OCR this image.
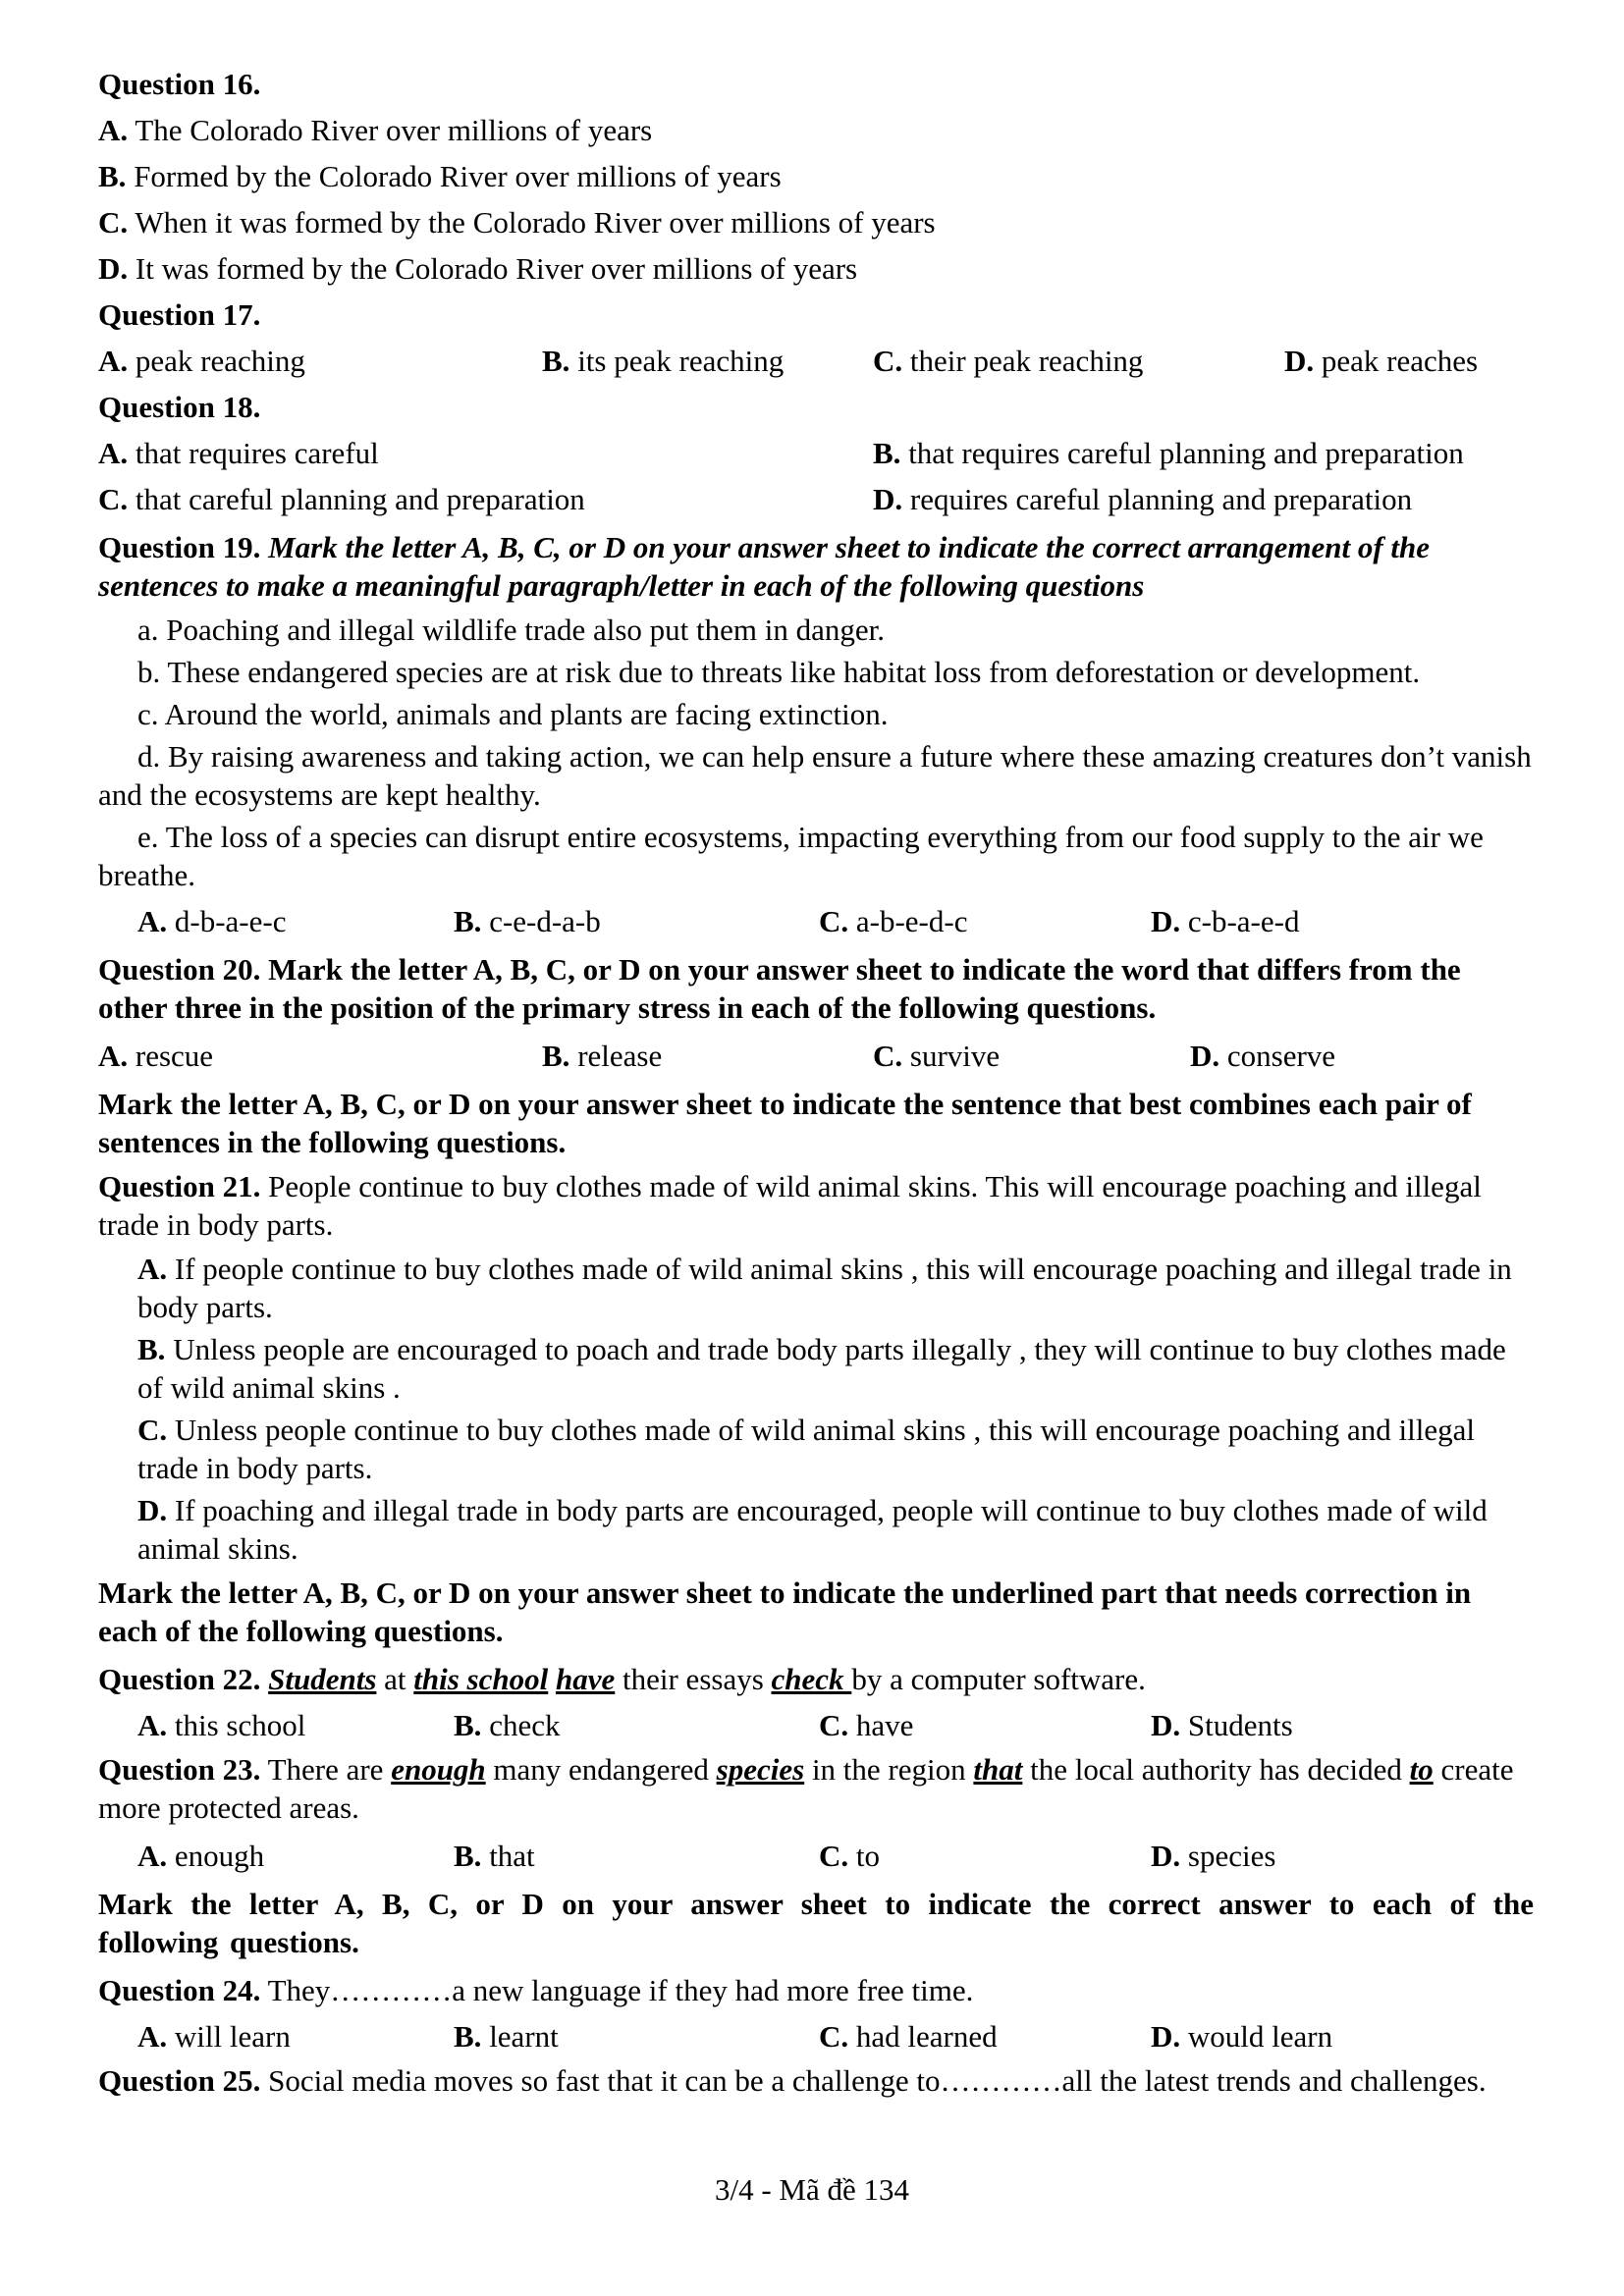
Question 16.
A. The Colorado River over millions of years
B. Formed by the Colorado River over millions of years
C. When it was formed by the Colorado River over millions of years
D. It was formed by the Colorado River over millions of years
Question 17.
A. peak reaching	B. its peak reaching	C. their peak reaching	D. peak reaches
Question 18.
A. that requires careful	B. that requires careful planning and preparation
C. that careful planning and preparation	D. requires careful planning and preparation
Question 19. Mark the letter A, B, C, or D on your answer sheet to indicate the correct arrangement of the sentences to make a meaningful paragraph/letter in each of the following questions
a. Poaching and illegal wildlife trade also put them in danger.
b. These endangered species are at risk due to threats like habitat loss from deforestation or development.
c. Around the world, animals and plants are facing extinction.
d. By raising awareness and taking action, we can help ensure a future where these amazing creatures don’t vanish and the ecosystems are kept healthy.
e. The loss of a species can disrupt entire ecosystems, impacting everything from our food supply to the air we breathe.
A. d-b-a-e-c	B. c-e-d-a-b	C. a-b-e-d-c	D. c-b-a-e-d
Question 20. Mark the letter A, B, C, or D on your answer sheet to indicate the word that differs from the other three in the position of the primary stress in each of the following questions.
A. rescue	B. release	C. survive	D. conserve
Mark the letter A, B, C, or D on your answer sheet to indicate the sentence that best combines each pair of sentences in the following questions.
Question 21. People continue to buy clothes made of wild animal skins. This will encourage poaching and illegal trade in body parts.
A. If people continue to buy clothes made of wild animal skins , this will encourage poaching and illegal trade in body parts.
B. Unless people are encouraged to poach and trade body parts illegally , they will continue to buy clothes made of wild animal skins .
C. Unless people continue to buy clothes made of wild animal skins , this will encourage poaching and illegal trade in body parts.
D. If poaching and illegal trade in body parts are encouraged, people will continue to buy clothes made of wild animal skins.
Mark the letter A, B, C, or D on your answer sheet to indicate the underlined part that needs correction in each of the following questions.
Question 22. Students at this school have their essays check by a computer software.
A. this school	B. check	C. have	D. Students
Question 23. There are enough many endangered species in the region that the local authority has decided to create more protected areas.
A. enough	B. that	C. to	D. species
Mark the letter A, B, C, or D on your answer sheet to indicate the correct answer to each of the following questions.
Question 24. They…………a new language if they had more free time.
A. will learn	B. learnt	C. had learned	D. would learn
Question 25. Social media moves so fast that it can be a challenge to…………all the latest trends and challenges.
3/4 - Mã đề 134
